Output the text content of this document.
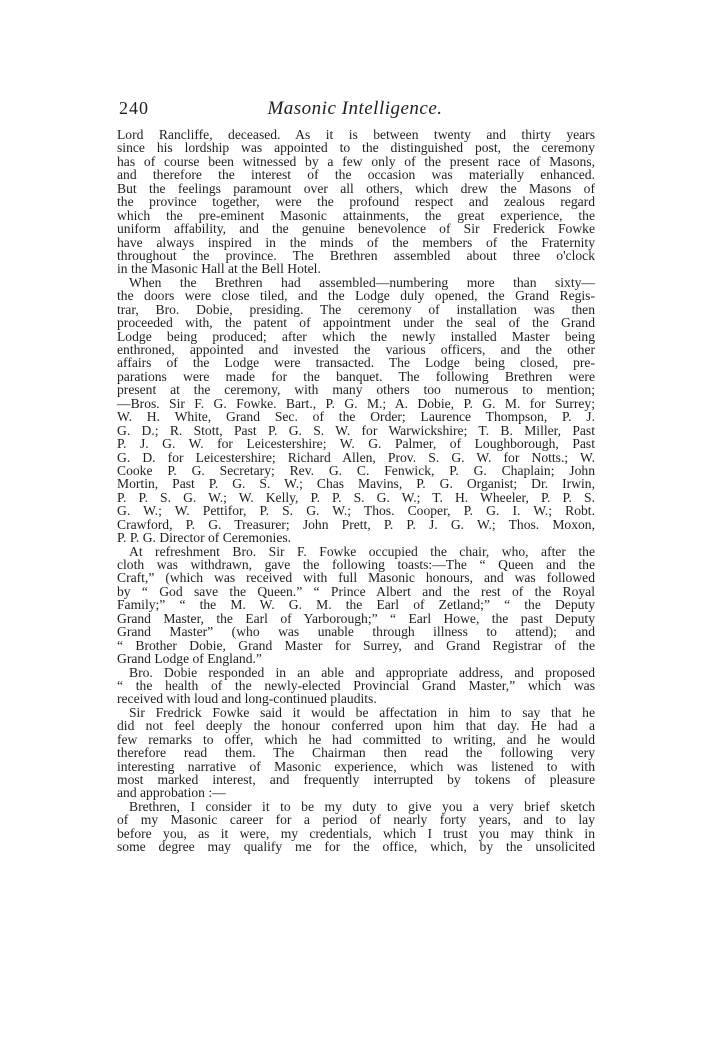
240	Masonic Intelligence.
Lord Rancliffe, deceased. As it is between twenty and thirty years
since his lordship was appointed to the distinguished post, the ceremony
has of course been witnessed by a few only of the present race of Masons,
and therefore the interest of the occasion was materially enhanced.
But the feelings paramount over all others, which drew the Masons of
the province together, were the profound respect and zealous regard
which the pre-eminent Masonic attainments, the great experience, the
uniform affability, and the genuine benevolence of Sir Frederick Fowke
have always inspired in the minds of the members of the Fraternity
throughout the province. The Brethren assembled about three o'clock
in the Masonic Hall at the Bell Hotel.
When the Brethren had assembled—numbering more than sixty—
the doors were close tiled, and the Lodge duly opened, the Grand Regis-
trar, Bro. Dobie, presiding. The ceremony of installation was then
proceeded with, the patent of appointment under the seal of the Grand
Lodge being produced; after which the newly installed Master being
enthroned, appointed and invested the various officers, and the other
affairs of the Lodge were transacted. The Lodge being closed, pre-
parations were made for the banquet. The following Brethren were
present at the ceremony, with many others too numerous to mention;
—Bros. Sir F. G. Fowke. Bart., P. G. M.; A. Dobie, P. G. M. for Surrey;
W. H. White, Grand Sec. of the Order; Laurence Thompson, P. J.
G. D.; R. Stott, Past P. G. S. W. for Warwickshire; T. B. Miller, Past
P. J. G. W. for Leicestershire; W. G. Palmer, of Loughborough, Past
G. D. for Leicestershire; Richard Allen, Prov. S. G. W. for Notts.; W.
Cooke P. G. Secretary; Rev. G. C. Fenwick, P. G. Chaplain; John
Mortin, Past P. G. S. W.; Chas Mavins, P. G. Organist; Dr. Irwin,
P. P. S. G. W.; W. Kelly, P. P. S. G. W.; T. H. Wheeler, P. P. S.
G. W.; W. Pettifor, P. S. G. W.; Thos. Cooper, P. G. I. W.; Robt.
Crawford, P. G. Treasurer; John Prett, P. P. J. G. W.; Thos. Moxon,
P. P. G. Director of Ceremonies.
At refreshment Bro. Sir F. Fowke occupied the chair, who, after the
cloth was withdrawn, gave the following toasts:—The “ Queen and the
Craft,” (which was received with full Masonic honours, and was followed
by “ God save the Queen.” “ Prince Albert and the rest of the Royal
Family;” “ the M. W. G. M. the Earl of Zetland;” “ the Deputy
Grand Master, the Earl of Yarborough;” “ Earl Howe, the past Deputy
Grand Master” (who was unable through illness to attend); and
“ Brother Dobie, Grand Master for Surrey, and Grand Registrar of the
Grand Lodge of England.”
Bro. Dobie responded in an able and appropriate address, and proposed
“ the health of the newly-elected Provincial Grand Master,” which was
received with loud and long-continued plaudits.
Sir Fredrick Fowke said it would be affectation in him to say that he
did not feel deeply the honour conferred upon him that day. He had a
few remarks to offer, which he had committed to writing, and he would
therefore read them. The Chairman then read the following very
interesting narrative of Masonic experience, which was listened to with
most marked interest, and frequently interrupted by tokens of pleasure
and approbation :—
Brethren, I consider it to be my duty to give you a very brief sketch
of my Masonic career for a period of nearly forty years, and to lay
before you, as it were, my credentials, which I trust you may think in
some degree may qualify me for the office, which, by the unsolicited
